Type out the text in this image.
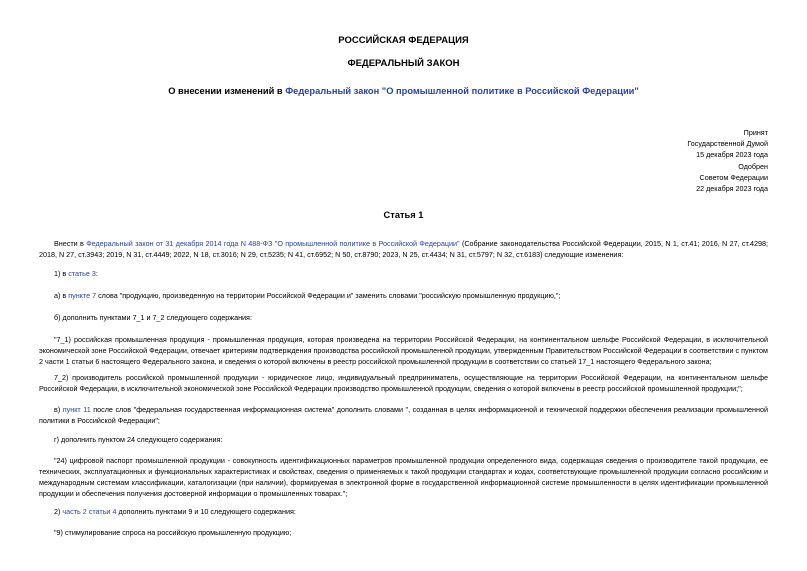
РОССИЙСКАЯ ФЕДЕРАЦИЯ
ФЕДЕРАЛЬНЫЙ ЗАКОН
О внесении изменений в Федеральный закон "О промышленной политике в Российской Федерации"
Принят
Государственной Думой
15 декабря 2023 года
Одобрен
Советом Федерации
22 декабря 2023 года
Статья 1
Внести в Федеральный закон от 31 декабря 2014 года N 488-ФЗ "О промышленной политике в Российской Федерации" (Собрание законодательства Российской Федерации, 2015, N 1, ст.41; 2016, N 27, ст.4298; 2018, N 27, ст.3943; 2019, N 31, ст.4449; 2022, N 18, ст.3016; N 29, ст.5235; N 41, ст.6952; N 50, ст.8790; 2023, N 25, ст.4434; N 31, ст.5797; N 32, ст.6183) следующие изменения:
1) в статье 3:
а) в пункте 7 слова "продукцию, произведенную на территории Российской Федерации и" заменить словами "российскую промышленную продукцию,";
б) дополнить пунктами 7_1 и 7_2 следующего содержания:
"7_1) российская промышленная продукция - промышленная продукция, которая произведена на территории Российской Федерации, на континентальном шельфе Российской Федерации, в исключительной экономической зоне Российской Федерации, отвечает критериям подтверждения производства российской промышленной продукции, утвержденным Правительством Российской Федерации в соответствии с пунктом 2 части 1 статьи 6 настоящего Федерального закона, и сведения о которой включены в реестр российской промышленной продукции в соответствии со статьей 17_1 настоящего Федерального закона;
7_2) производитель российской промышленной продукции - юридическое лицо, индивидуальный предприниматель, осуществляющие на территории Российской Федерации, на континентальном шельфе Российской Федерации, в исключительной экономической зоне Российской Федерации производство промышленной продукции, сведения о которой включены в реестр российской промышленной продукции;";
в) пункт 11 после слов "федеральная государственная информационная система" дополнить словами ", созданная в целях информационной и технической поддержки обеспечения реализации промышленной политики в Российской Федерации";
г) дополнить пунктом 24 следующего содержания:
"24) цифровой паспорт промышленной продукции - совокупность идентификационных параметров промышленной продукции определенного вида, содержащая сведения о производителе такой продукции, ее технических, эксплуатационных и функциональных характеристиках и свойствах, сведения о применяемых к такой продукции стандартах и кодах, соответствующие промышленной продукции согласно российским и международным системам классификации, каталогизации (при наличии), формируемая в электронной форме в государственной информационной системе промышленности в целях идентификации промышленной продукции и обеспечения получения достоверной информации о промышленных товарах.";
2) часть 2 статьи 4 дополнить пунктами 9 и 10 следующего содержания:
"9) стимулирование спроса на российскую промышленную продукцию;
